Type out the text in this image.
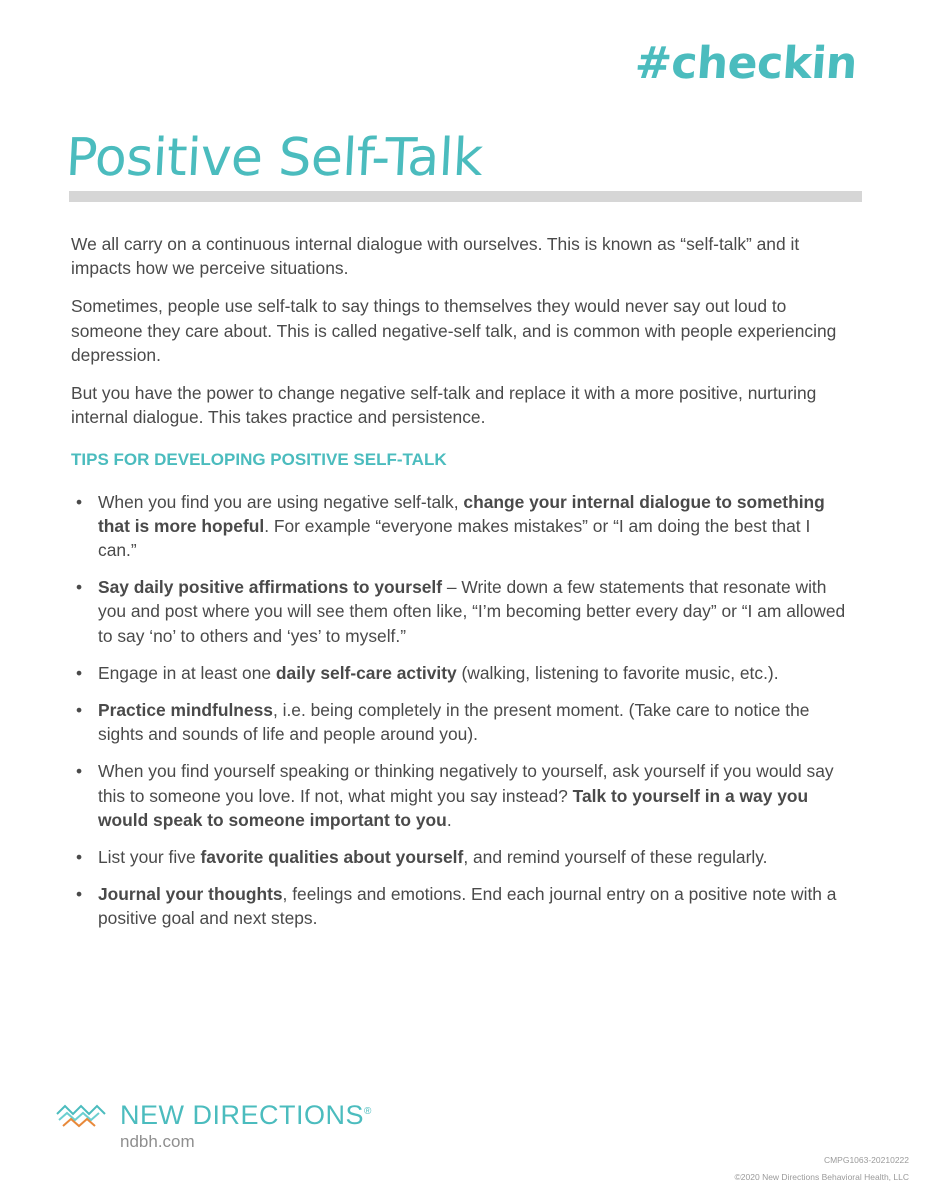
#checkin
Positive Self-Talk

We all carry on a continuous internal dialogue with ourselves. This is known as “self-talk” and it impacts how we perceive situations.

Sometimes, people use self-talk to say things to themselves they would never say out loud to someone they care about. This is called negative-self talk, and is common with people experiencing depression.

But you have the power to change negative self-talk and replace it with a more positive, nurturing internal dialogue. This takes practice and persistence.

TIPS FOR DEVELOPING POSITIVE SELF-TALK
• When you find you are using negative self-talk, change your internal dialogue to something that is more hopeful. For example “everyone makes mistakes” or “I am doing the best that I can.”
• Say daily positive affirmations to yourself – Write down a few statements that resonate with you and post where you will see them often like, “I’m becoming better every day” or “I am allowed to say ‘no’ to others and ‘yes’ to myself.”
• Engage in at least one daily self-care activity (walking, listening to favorite music, etc.).
• Practice mindfulness, i.e. being completely in the present moment. (Take care to notice the sights and sounds of life and people around you).
• When you find yourself speaking or thinking negatively to yourself, ask yourself if you would say this to someone you love. If not, what might you say instead? Talk to yourself in a way you would speak to someone important to you.
• List your five favorite qualities about yourself, and remind yourself of these regularly.
• Journal your thoughts, feelings and emotions. End each journal entry on a positive note with a positive goal and next steps.
NEW DIRECTIONS®
ndbh.com
CMPG1063-20210222
©2020 New Directions Behavioral Health, LLC
